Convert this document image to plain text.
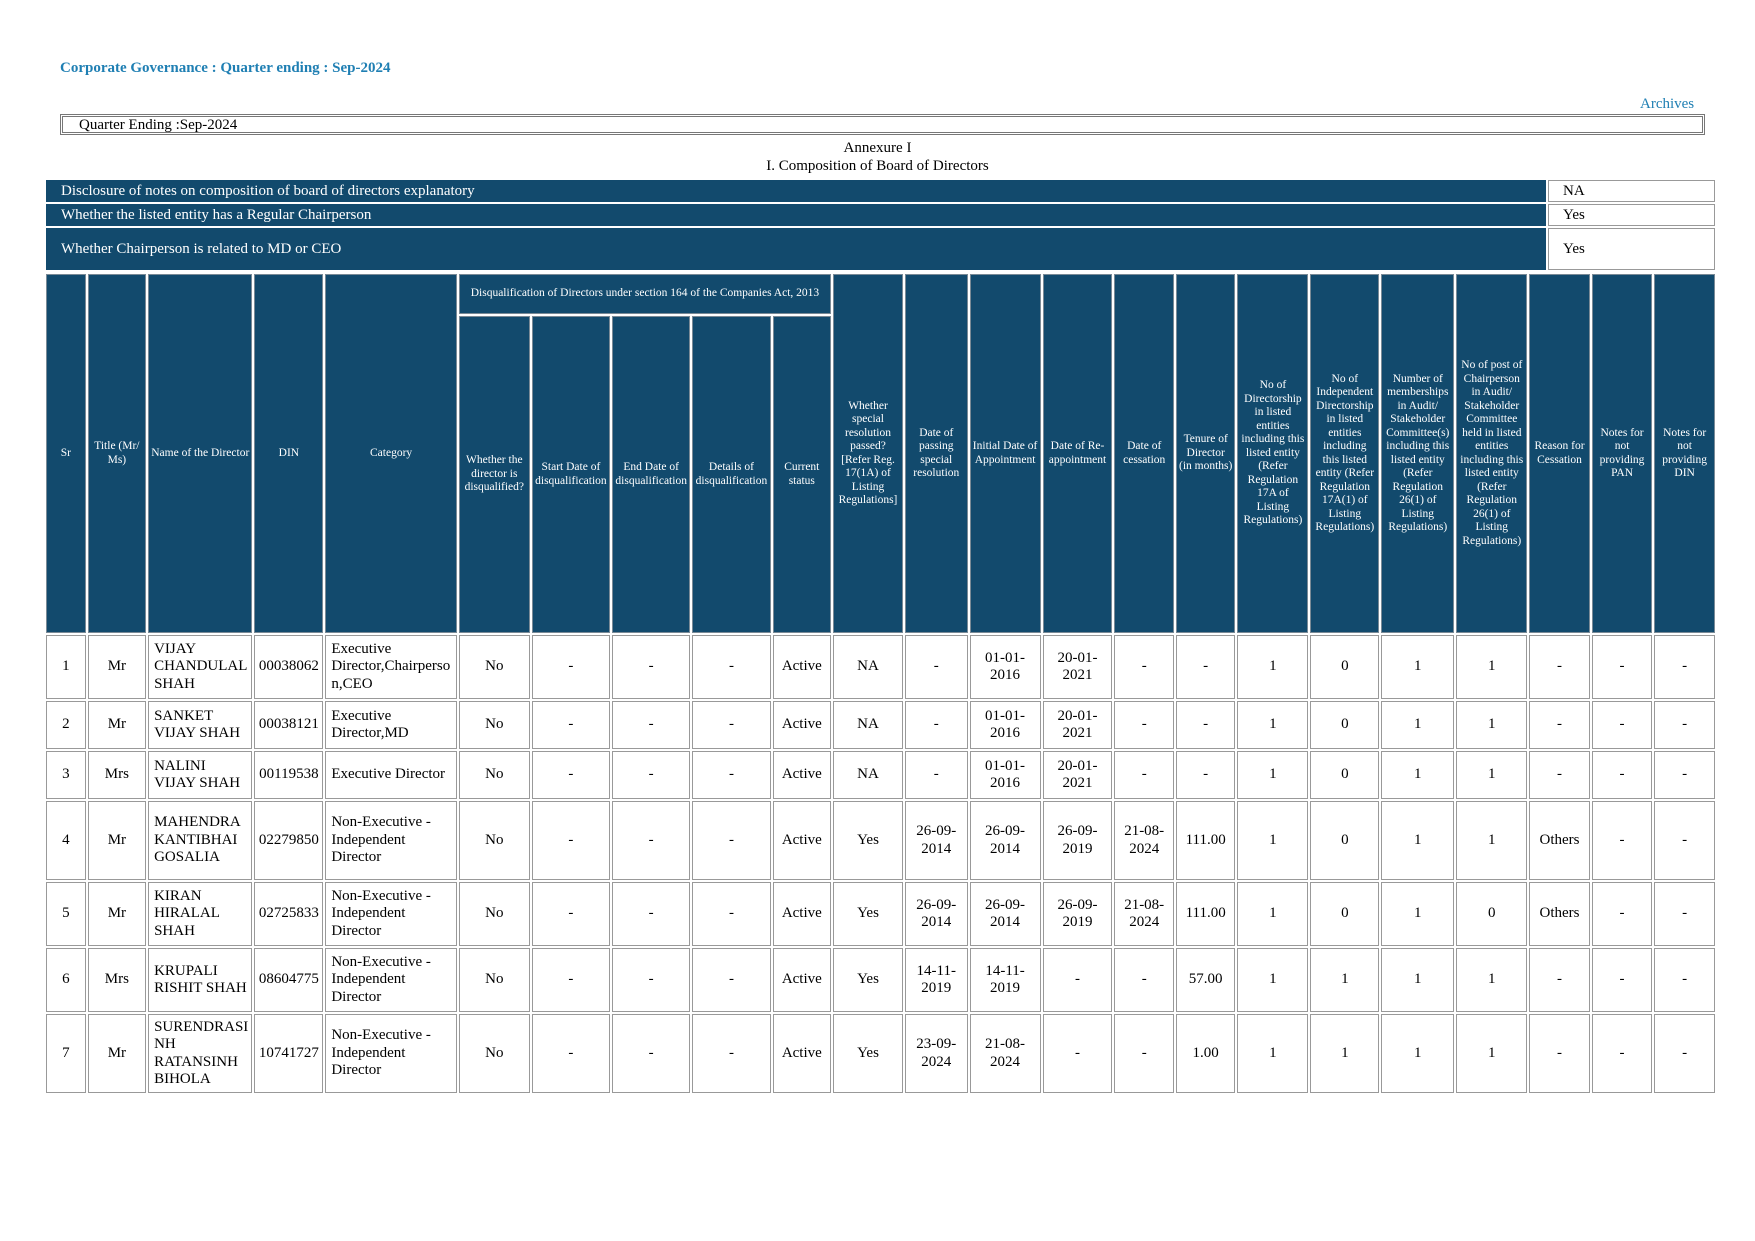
Corporate Governance : Quarter ending : Sep-2024
Archives
Quarter Ending :Sep-2024
Annexure I
I. Composition of Board of Directors
Disclosure of notes on composition of board of directors explanatory	NA
Whether the listed entity has a Regular Chairperson	Yes
Whether Chairperson is related to MD or CEO	Yes
Sr	Title (Mr/ Ms)	Name of the Director	DIN	Category	Disqualification of Directors under section 164 of the Companies Act, 2013					Whether special resolution passed? [Refer Reg. 17(1A) of Listing Regulations]	Date of passing special resolution	Initial Date of Appointment	Date of Re-appointment	Date of cessation	Tenure of Director (in months)	No of Directorship in listed entities including this listed entity (Refer Regulation 17A of Listing Regulations)	No of Independent Directorship in listed entities including this listed entity (Refer Regulation 17A(1) of Listing Regulations)	Number of memberships in Audit/ Stakeholder Committee(s) including this listed entity (Refer Regulation 26(1) of Listing Regulations)	No of post of Chairperson in Audit/ Stakeholder Committee held in listed entities including this listed entity (Refer Regulation 26(1) of Listing Regulations)	Reason for Cessation	Notes for not providing PAN	Notes for not providing DIN
					Whether the director is disqualified?	Start Date of disqualification	End Date of disqualification	Details of disqualification	Current status													
1	Mr	VIJAY CHANDULAL SHAH	00038062	Executive Director,Chairperson,CEO	No	-	-	-	Active	NA	-	01-01-2016	20-01-2021	-	-	1	0	1	1	-	-	-
2	Mr	SANKET VIJAY SHAH	00038121	Executive Director,MD	No	-	-	-	Active	NA	-	01-01-2016	20-01-2021	-	-	1	0	1	1	-	-	-
3	Mrs	NALINI VIJAY SHAH	00119538	Executive Director	No	-	-	-	Active	NA	-	01-01-2016	20-01-2021	-	-	1	0	1	1	-	-	-
4	Mr	MAHENDRA KANTIBHAI GOSALIA	02279850	Non-Executive - Independent Director	No	-	-	-	Active	Yes	26-09-2014	26-09-2014	26-09-2019	21-08-2024	111.00	1	0	1	1	Others	-	-
5	Mr	KIRAN HIRALAL SHAH	02725833	Non-Executive - Independent Director	No	-	-	-	Active	Yes	26-09-2014	26-09-2014	26-09-2019	21-08-2024	111.00	1	0	1	0	Others	-	-
6	Mrs	KRUPALI RISHIT SHAH	08604775	Non-Executive - Independent Director	No	-	-	-	Active	Yes	14-11-2019	14-11-2019	-	-	57.00	1	1	1	1	-	-	-
7	Mr	SURENDRASINH RATANSINH BIHOLA	10741727	Non-Executive - Independent Director	No	-	-	-	Active	Yes	23-09-2024	21-08-2024	-	-	1.00	1	1	1	1	-	-	-
